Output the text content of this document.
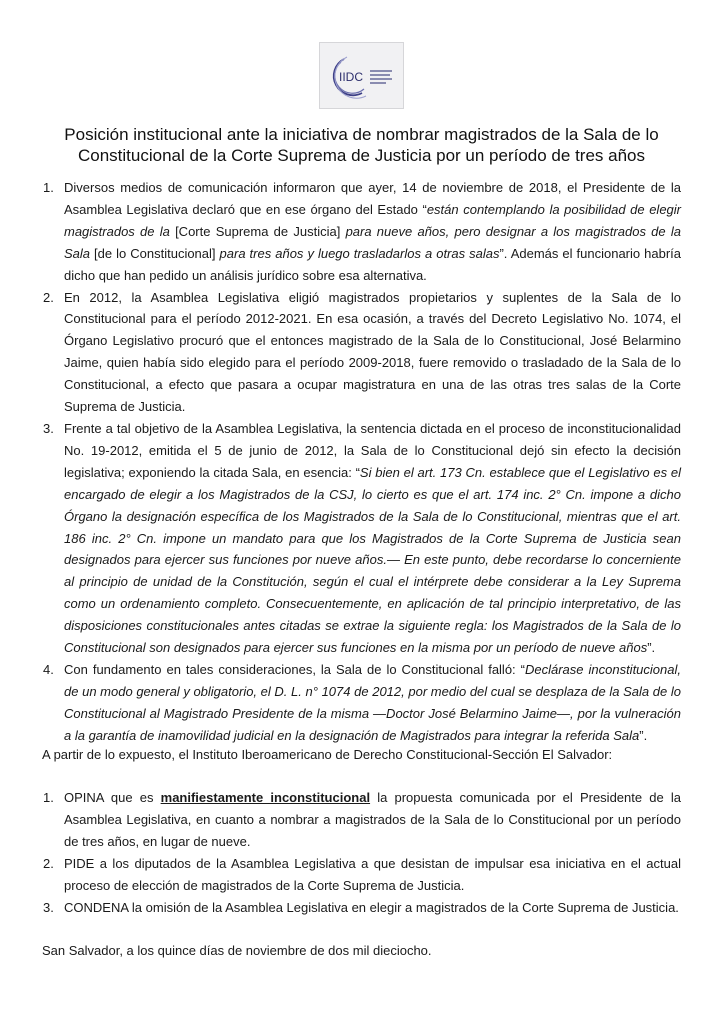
IIDC
Posición institucional ante la iniciativa de nombrar magistrados de la Sala de lo Constitucional de la Corte Suprema de Justicia por un período de tres años
1. Diversos medios de comunicación informaron que ayer, 14 de noviembre de 2018, el Presidente de la Asamblea Legislativa declaró que en ese órgano del Estado “están contemplando la posibilidad de elegir magistrados de la [Corte Suprema de Justicia] para nueve años, pero designar a los magistrados de la Sala [de lo Constitucional] para tres años y luego trasladarlos a otras salas”. Además el funcionario habría dicho que han pedido un análisis jurídico sobre esa alternativa.
2. En 2012, la Asamblea Legislativa eligió magistrados propietarios y suplentes de la Sala de lo Constitucional para el período 2012-2021. En esa ocasión, a través del Decreto Legislativo No. 1074, el Órgano Legislativo procuró que el entonces magistrado de la Sala de lo Constitucional, José Belarmino Jaime, quien había sido elegido para el período 2009-2018, fuere removido o trasladado de la Sala de lo Constitucional, a efecto que pasara a ocupar magistratura en una de las otras tres salas de la Corte Suprema de Justicia.
3. Frente a tal objetivo de la Asamblea Legislativa, la sentencia dictada en el proceso de inconstitucionalidad No. 19-2012, emitida el 5 de junio de 2012, la Sala de lo Constitucional dejó sin efecto la decisión legislativa; exponiendo la citada Sala, en esencia: “Si bien el art. 173 Cn. establece que el Legislativo es el encargado de elegir a los Magistrados de la CSJ, lo cierto es que el art. 174 inc. 2° Cn. impone a dicho Órgano la designación específica de los Magistrados de la Sala de lo Constitucional, mientras que el art. 186 inc. 2° Cn. impone un mandato para que los Magistrados de la Corte Suprema de Justicia sean designados para ejercer sus funciones por nueve años.— En este punto, debe recordarse lo concerniente al principio de unidad de la Constitución, según el cual el intérprete debe considerar a la Ley Suprema como un ordenamiento completo. Consecuentemente, en aplicación de tal principio interpretativo, de las disposiciones constitucionales antes citadas se extrae la siguiente regla: los Magistrados de la Sala de lo Constitucional son designados para ejercer sus funciones en la misma por un período de nueve años”.
4. Con fundamento en tales consideraciones, la Sala de lo Constitucional falló: “Declárase inconstitucional, de un modo general y obligatorio, el D. L. n° 1074 de 2012, por medio del cual se desplaza de la Sala de lo Constitucional al Magistrado Presidente de la misma —Doctor José Belarmino Jaime—, por la vulneración a la garantía de inamovilidad judicial en la designación de Magistrados para integrar la referida Sala”.
A partir de lo expuesto, el Instituto Iberoamericano de Derecho Constitucional-Sección El Salvador:
1. OPINA que es manifiestamente inconstitucional la propuesta comunicada por el Presidente de la Asamblea Legislativa, en cuanto a nombrar a magistrados de la Sala de lo Constitucional por un período de tres años, en lugar de nueve.
2. PIDE a los diputados de la Asamblea Legislativa a que desistan de impulsar esa iniciativa en el actual proceso de elección de magistrados de la Corte Suprema de Justicia.
3. CONDENA la omisión de la Asamblea Legislativa en elegir a magistrados de la Corte Suprema de Justicia.
San Salvador, a los quince días de noviembre de dos mil dieciocho.
